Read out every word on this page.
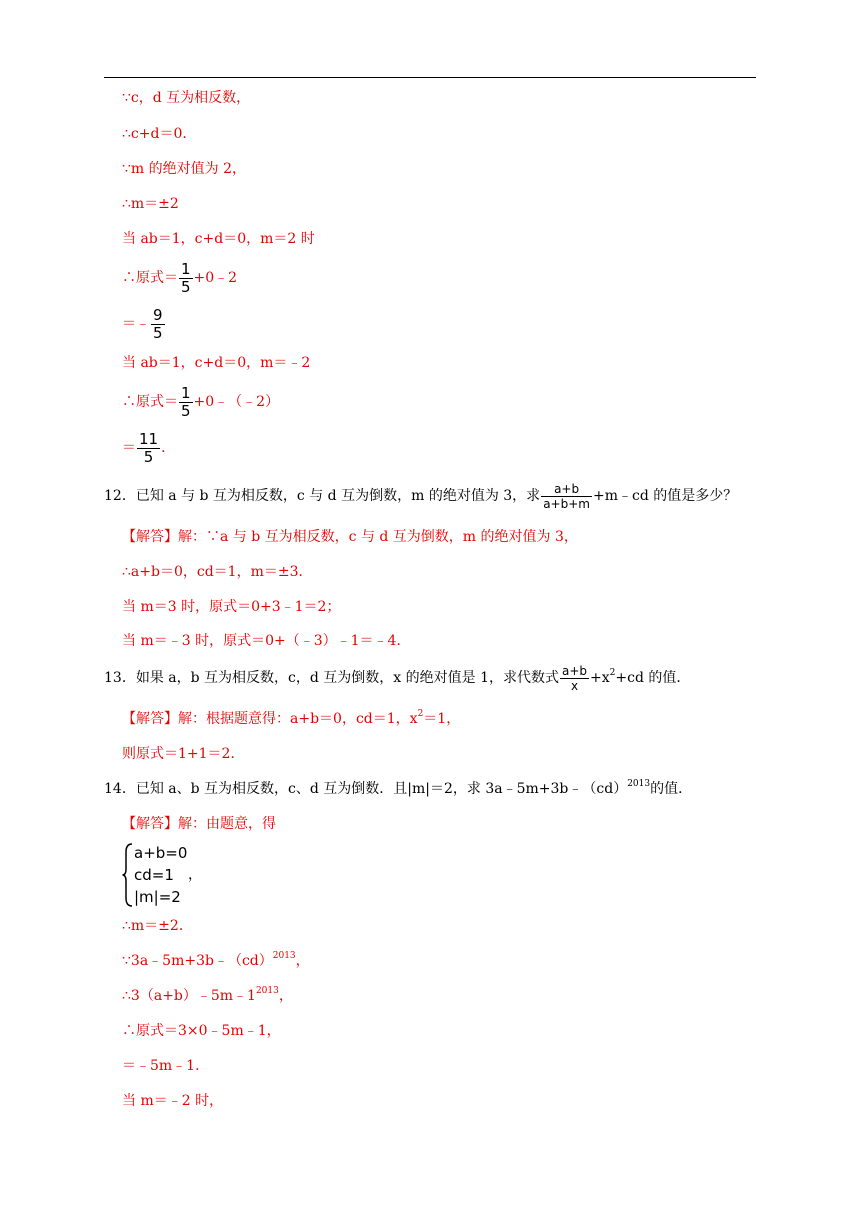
∵c，d 互为相反数，
∴c+d＝0．
∵m 的绝对值为 2，
∴m＝±2
当 ab＝1，c+d＝0，m＝2 时
∴原式＝ $\frac{1}{5}$ +0﹣2
＝﹣ $\frac{9}{5}$
当 ab＝1，c+d＝0，m＝﹣2
∴原式＝ $\frac{1}{5}$ +0﹣（﹣2）
＝ $\frac{11}{5}$ ．
12． 已知 a 与 b 互为相反数，c 与 d 互为倒数，m 的绝对值为 3，求 $\frac{a+b}{a+b+m}$ +m﹣cd 的值是多少？
【解答】 解：∵a 与 b 互为相反数，c 与 d 互为倒数，m 的绝对值为 3，
∴a+b＝0，cd＝1，m＝±3．
当 m＝3 时，原式＝0+3﹣1＝2；
当 m＝﹣3 时，原式＝0+（﹣3）﹣1＝﹣4．
13． 如果 a，b 互为相反数，c，d 互为倒数，x 的绝对值是 1，求代数式 $\frac{a+b}{x} +x^2 +cd$ 的值．
【解答】 解：根据题意得：a+b＝0，cd＝1，$x^2 =1$，
则原式＝1+1＝2．
14． 已知 a、b 互为相反数，c、d 互为倒数．且|m|＝2，求 3a﹣5m+3b﹣（cd）$^{2013}$ 的值．
【解答】 解：由题意，得
a+b=0
cd=1
|m|=2
，
∴m＝±2．
∵3a﹣5m+3b﹣（cd）$^{2013}$ ，
$\therefore 3(a+b)﹣5m﹣1^{2013}$ ，
∴原式＝3×0﹣5m﹣1，
＝﹣5m﹣1．
当 m＝﹣2 时，
